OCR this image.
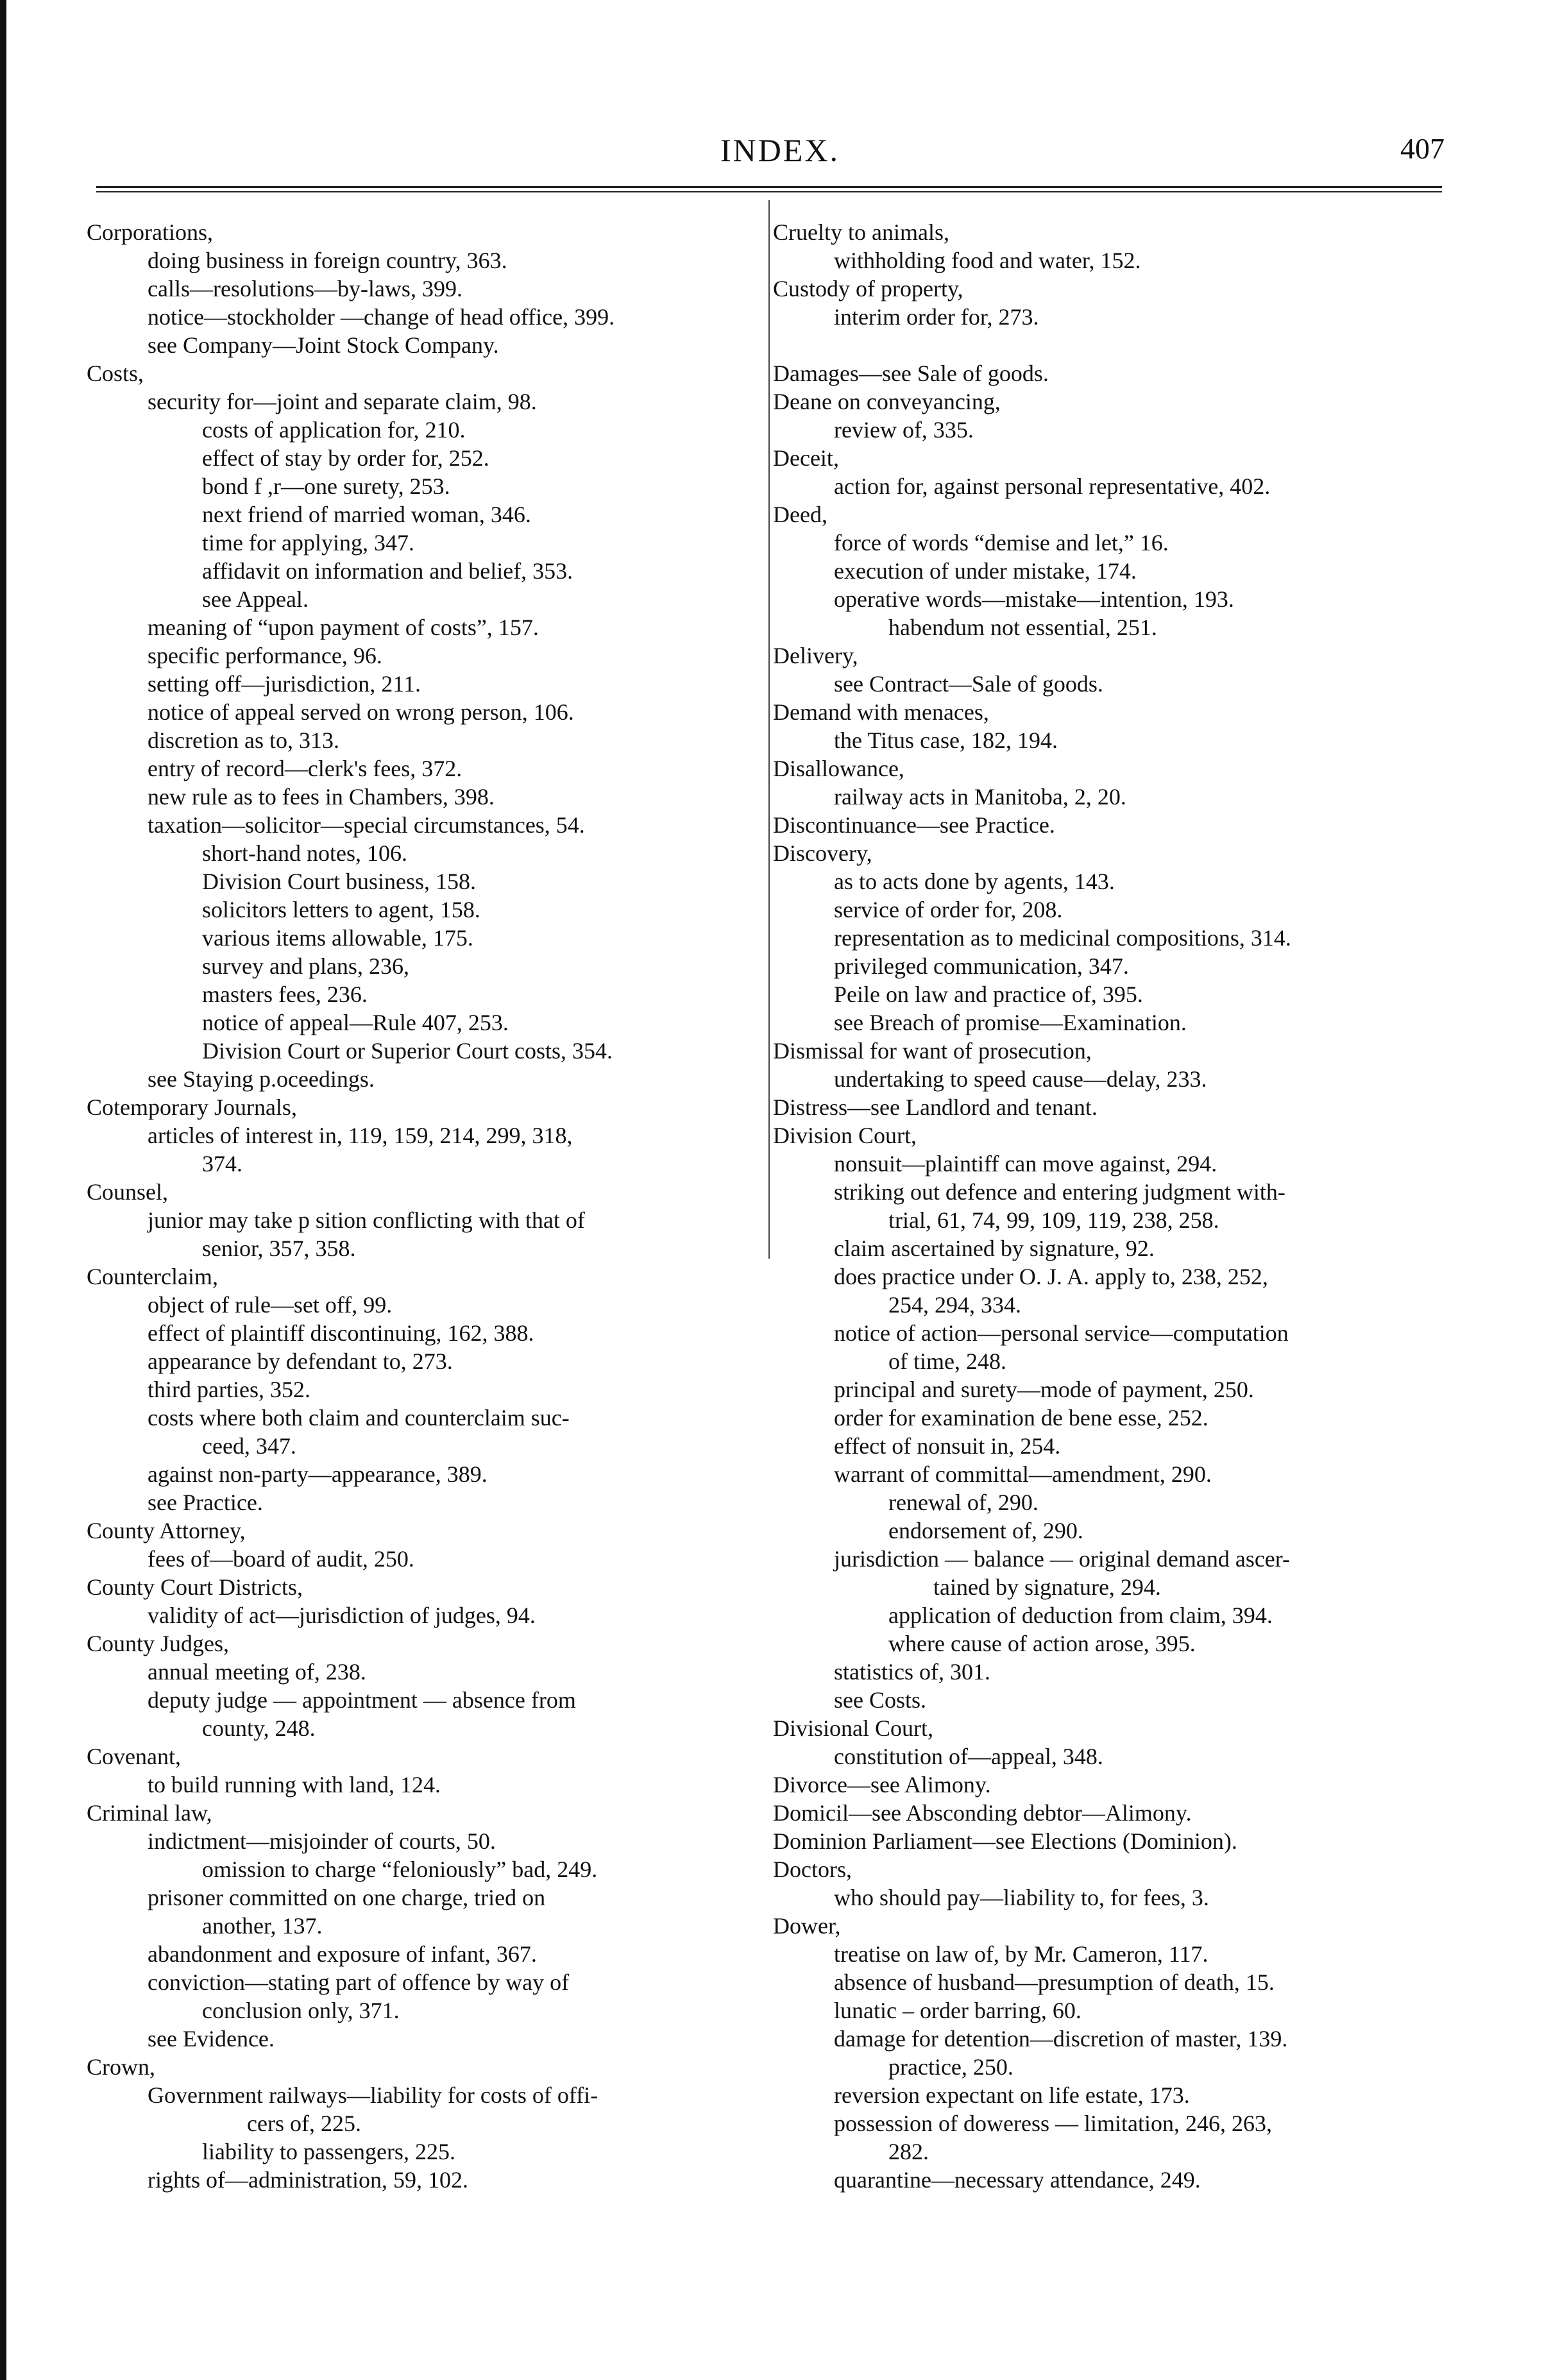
INDEX.	407
Corporations,
doing business in foreign country, 363.
calls—resolutions—by-laws, 399.
notice—stockholder —change of head office, 399.
see Company—Joint Stock Company.
Costs,
security for—joint and separate claim, 98.
costs of application for, 210.
effect of stay by order for, 252.
bond f ,r—one surety, 253.
next friend of married woman, 346.
time for applying, 347.
affidavit on information and belief, 353.
see Appeal.
meaning of “upon payment of costs”, 157.
specific performance, 96.
setting off—jurisdiction, 211.
notice of appeal served on wrong person, 106.
discretion as to, 313.
entry of record—clerk's fees, 372.
new rule as to fees in Chambers, 398.
taxation—solicitor—special circumstances, 54.
short-hand notes, 106.
Division Court business, 158.
solicitors letters to agent, 158.
various items allowable, 175.
survey and plans, 236,
masters fees, 236.
notice of appeal—Rule 407, 253.
Division Court or Superior Court costs, 354.
see Staying p.oceedings.
Cotemporary Journals,
articles of interest in, 119, 159, 214, 299, 318,
374.
Counsel,
junior may take p sition conflicting with that of
senior, 357, 358.
Counterclaim,
object of rule—set off, 99.
effect of plaintiff discontinuing, 162, 388.
appearance by defendant to, 273.
third parties, 352.
costs where both claim and counterclaim suc-
ceed, 347.
against non-party—appearance, 389.
see Practice.
County Attorney,
fees of—board of audit, 250.
County Court Districts,
validity of act—jurisdiction of judges, 94.
County Judges,
annual meeting of, 238.
deputy judge — appointment — absence from
county, 248.
Covenant,
to build running with land, 124.
Criminal law,
indictment—misjoinder of courts, 50.
omission to charge “feloniously” bad, 249.
prisoner committed on one charge, tried on
another, 137.
abandonment and exposure of infant, 367.
conviction—stating part of offence by way of
conclusion only, 371.
see Evidence.
Crown,
Government railways—liability for costs of offi-
cers of, 225.
liability to passengers, 225.
rights of—administration, 59, 102.
Cruelty to animals,
withholding food and water, 152.
Custody of property,
interim order for, 273.

Damages—see Sale of goods.
Deane on conveyancing,
review of, 335.
Deceit,
action for, against personal representative, 402.
Deed,
force of words “demise and let,” 16.
execution of under mistake, 174.
operative words—mistake—intention, 193.
habendum not essential, 251.
Delivery,
see Contract—Sale of goods.
Demand with menaces,
the Titus case, 182, 194.
Disallowance,
railway acts in Manitoba, 2, 20.
Discontinuance—see Practice.
Discovery,
as to acts done by agents, 143.
service of order for, 208.
representation as to medicinal compositions, 314.
privileged communication, 347.
Peile on law and practice of, 395.
see Breach of promise—Examination.
Dismissal for want of prosecution,
undertaking to speed cause—delay, 233.
Distress—see Landlord and tenant.
Division Court,
nonsuit—plaintiff can move against, 294.
striking out defence and entering judgment with-
trial, 61, 74, 99, 109, 119, 238, 258.
claim ascertained by signature, 92.
does practice under O. J. A. apply to, 238, 252,
254, 294, 334.
notice of action—personal service—computation
of time, 248.
principal and surety—mode of payment, 250.
order for examination de bene esse, 252.
effect of nonsuit in, 254.
warrant of committal—amendment, 290.
renewal of, 290.
endorsement of, 290.
jurisdiction — balance — original demand ascer-
tained by signature, 294.
application of deduction from claim, 394.
where cause of action arose, 395.
statistics of, 301.
see Costs.
Divisional Court,
constitution of—appeal, 348.
Divorce—see Alimony.
Domicil—see Absconding debtor—Alimony.
Dominion Parliament—see Elections (Dominion).
Doctors,
who should pay—liability to, for fees, 3.
Dower,
treatise on law of, by Mr. Cameron, 117.
absence of husband—presumption of death, 15.
lunatic – order barring, 60.
damage for detention—discretion of master, 139.
practice, 250.
reversion expectant on life estate, 173.
possession of doweress — limitation, 246, 263,
282.
quarantine—necessary attendance, 249.
